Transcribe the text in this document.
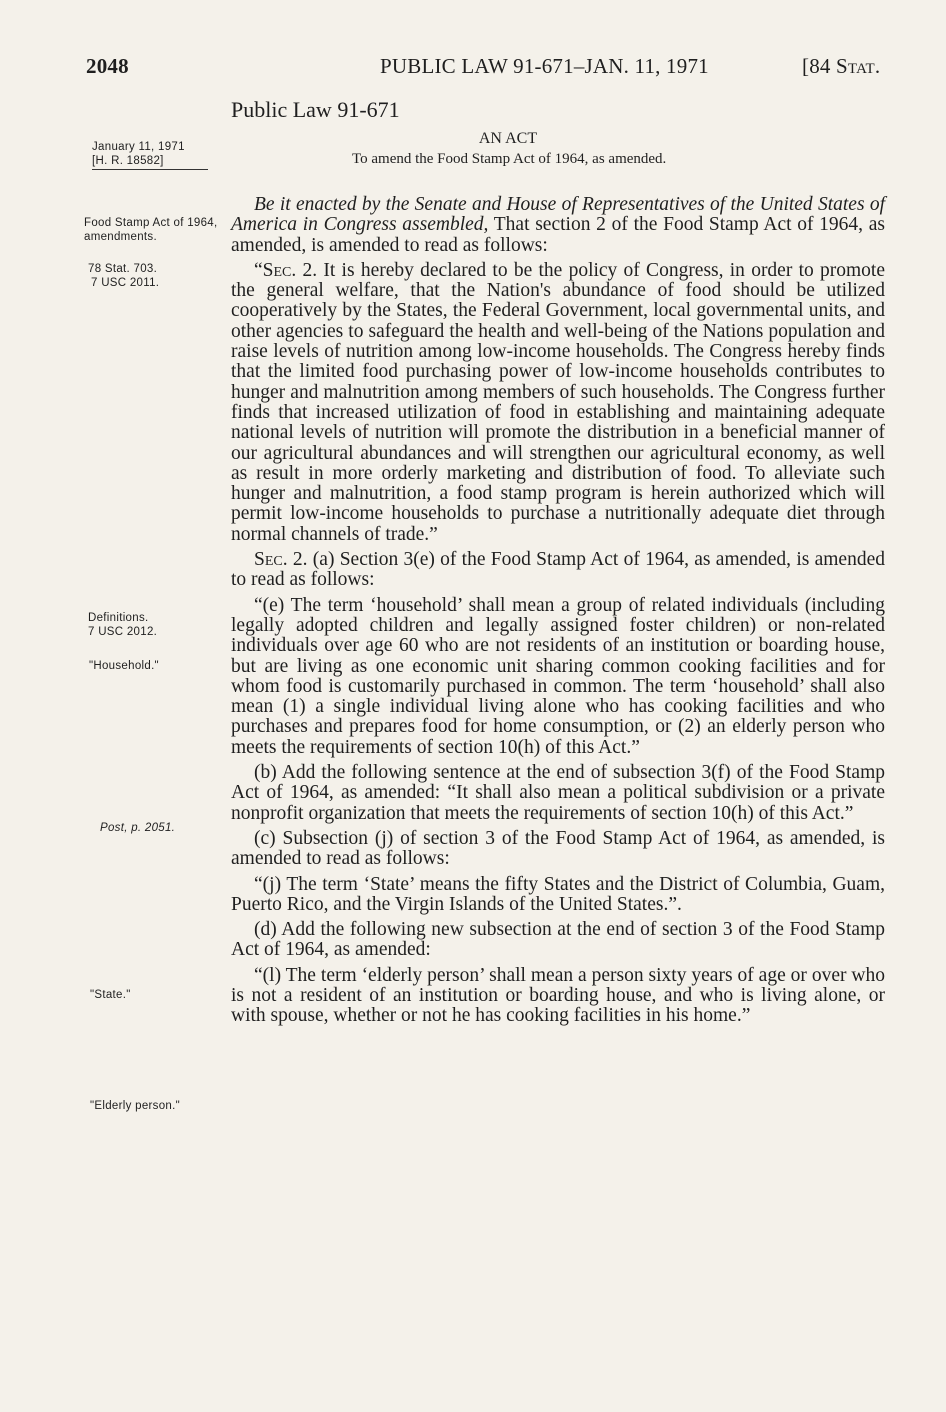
2048	PUBLIC LAW 91-671–JAN. 11, 1971	[84 Stat.
Public Law 91-671
AN ACT
To amend the Food Stamp Act of 1964, as amended.
January 11, 1971
[H. R. 18582]
Food Stamp Act of 1964, amendments.
78 Stat. 703.
7 USC 2011.
Definitions.
7 USC 2012.
"Household."
Post, p. 2051.
"State."
"Elderly person."

Be it enacted by the Senate and House of Representatives of the United States of America in Congress assembled, That section 2 of the Food Stamp Act of 1964, as amended, is amended to read as follows:

“Sec. 2. It is hereby declared to be the policy of Congress, in order to promote the general welfare, that the Nation's abundance of food should be utilized cooperatively by the States, the Federal Government, local governmental units, and other agencies to safeguard the health and well-being of the Nations population and raise levels of nutrition among low-income households. The Congress hereby finds that the limited food purchasing power of low-income households contributes to hunger and malnutrition among members of such households. The Congress further finds that increased utilization of food in establishing and maintaining adequate national levels of nutrition will promote the distribution in a beneficial manner of our agricultural abundances and will strengthen our agricultural economy, as well as result in more orderly marketing and distribution of food. To alleviate such hunger and malnutrition, a food stamp program is herein authorized which will permit low-income households to purchase a nutritionally adequate diet through normal channels of trade.”

Sec. 2. (a) Section 3(e) of the Food Stamp Act of 1964, as amended, is amended to read as follows:

“(e) The term ‘household’ shall mean a group of related individuals (including legally adopted children and legally assigned foster children) or non-related individuals over age 60 who are not residents of an institution or boarding house, but are living as one economic unit sharing common cooking facilities and for whom food is customarily purchased in common. The term ‘household’ shall also mean (1) a single individual living alone who has cooking facilities and who purchases and prepares food for home consumption, or (2) an elderly person who meets the requirements of section 10(h) of this Act.”

(b) Add the following sentence at the end of subsection 3(f) of the Food Stamp Act of 1964, as amended: “It shall also mean a political subdivision or a private nonprofit organization that meets the requirements of section 10(h) of this Act.”

(c) Subsection (j) of section 3 of the Food Stamp Act of 1964, as amended, is amended to read as follows:

“(j) The term ‘State’ means the fifty States and the District of Columbia, Guam, Puerto Rico, and the Virgin Islands of the United States.”.

(d) Add the following new subsection at the end of section 3 of the Food Stamp Act of 1964, as amended:

“(l) The term ‘elderly person’ shall mean a person sixty years of age or over who is not a resident of an institution or boarding house, and who is living alone, or with spouse, whether or not he has cooking facilities in his home.”
